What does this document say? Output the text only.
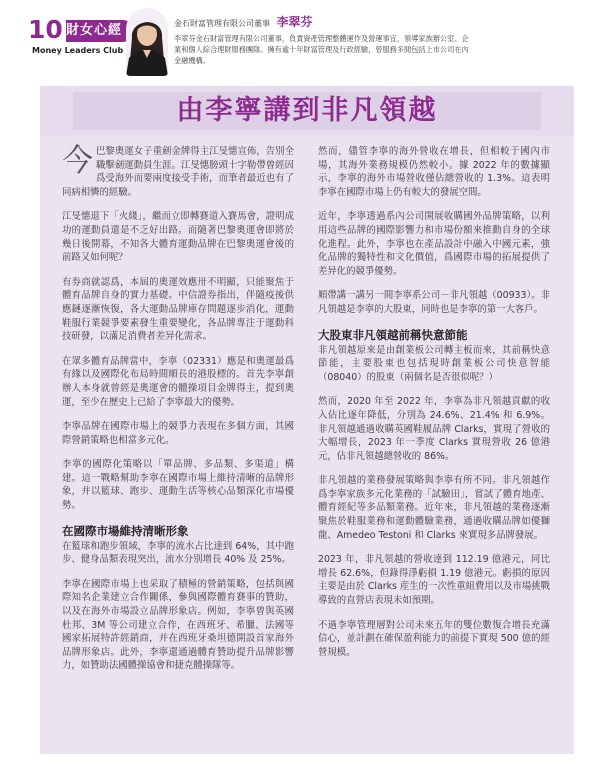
10 財女心經
Money Leaders Club
金石財富管理有限公司董事 李翠芬
李翠芬金石財富管理有限公司董事，負責資產管理整體運作及營運事宜，領導家族辦公室、企業和個人綜合理財服務團隊。擁有逾十年財富管理及行政經驗，曾服務多間包括上市公司在內金融機構。
由李寧講到非凡領越
今巴黎奧運女子重劍金牌得主江旻憓宣佈，告別全職擊劍運動員生涯。江旻憓膀頭十字勒帶曾經因爲受海外而要兩度接受手術，而筆者最近也有了同病相憐的經驗。
江旻憓退下「火綫」，繼而立即轉賽道入賽馬會，證明成功的運動員還是不乏好出路。而隨著巴黎奧運會即將於幾日後開幕，不知各大體育運動品牌在巴黎奧運會後的前路又如何呢？
有券商就認爲，本屆的奧運效應卅不明顯，只能聚焦于體育品牌自身的實力基礎。中信證券指出，伴隨疫後供應鏈逐漸恢復，各大運動品牌庫存問題逐步消化，運動鞋服行業競爭要素發生重要變化，各品牌專注于運動科技研發，以滿足消費者差异化需求。
在眾多體育品牌當中，李寧（02331）應是和奧運最爲有緣以及國際化布局時間順長的港股標的。首先李寧創辦人本身就曾經是奧運會的體操項目金牌得主，提到奧運，至少在歷史上已給了李寧最大的優勢。
李寧品牌在國際市場上的競爭力表現在多個方面，其國際營銷策略也相當多元化。
李寧的國際化策略以「單品牌、多品類、多渠道」構建。這一戰略幫助李寧在國際市場上維持清晰的品牌形象，并以籃球、跑步、運動生活等核心品類深化市場優勢。
在國際市場維持清晰形象
在籃球和跑步領域，李寧的流水占比達到 64%，其中跑步、健身品類表現突出，流水分別增長 40% 及 25%。
李寧在國際市場上也采取了積極的營銷策略，包括與國際知名企業建立合作關係，參與國際體育賽事的贊助，以及在海外市場設立品牌形象店。例如，李寧曾與英國杜邦、3M 等公司建立合作，在西班牙、希臘、法國等國家拓展特許經銷商，并在西班牙桑坦德開設首家海外品牌形象店。此外，李寧還通過體育贊助提升品牌影響力，如贊助法國體操協會和捷克體操隊等。
然而，儘管李寧的海外營收在增長，但相較于國內市場，其海外業務規模仍然較小。據 2022 年的數據顯示，李寧的海外市場營收僅佔總營收的 1.3%。這表明李寧在國際市場上仍有較大的發展空間。
近年，李寧透過系內公司開展收購國外品牌策略，以利用這些品牌的國際影響力和市場份額來推動自身的全球化進程。此外，李寧也在產品設計中融入中國元素，強化品牌的獨特性和文化價值，爲國際市場的拓展提供了差异化的競爭優勢。
順帶講一講另一間李寧系公司－非凡領越（00933）。非凡領越是李寧的大股東，同時也是李寧的第一大客戶。
大股東非凡領越前稱快意節能
非凡領越原來是由創業板公司轉主板而來，其前稱快意節能，主要股東也包括現時創業板公司快意智能（08040）的股東（兩個名是否很似呢？）
然而，2020 年至 2022 年，李寧為非凡領越貢獻的收入佔比逐年降低，分別為 24.6%、21.4% 和 6.9%。非凡領越通過收購英國鞋履品牌 Clarks，實現了營收的大幅增長，2023 年一季度 Clarks 實現營收 26 億港元，佔非凡領越總營收的 86%。
非凡領越的業務發展策略與李寧有所不同。非凡領越作爲李寧家族多元化業務的「試驗田」，嘗試了體育地產、體育經紀等多品類業務。近年來，非凡領越的業務逐漸聚焦於鞋服業務和運動體驗業務，通過收購品牌如優獅龍、Amedeo Testoni 和 Clarks 來實現多品牌發展。
2023 年，非凡領越的營收達到 112.19 億港元，同比增長 62.6%，但錄得淨虧損 1.19 億港元。虧損的原因主要是由於 Clarks 産生的一次性重組費用以及市場挑戰導致的直營店表現未如預期。
不過李寧管理層對公司未來五年的雙位數復合增長充滿信心，並計劃在確保盈利能力的前提下實現 500 億的經營規模。
